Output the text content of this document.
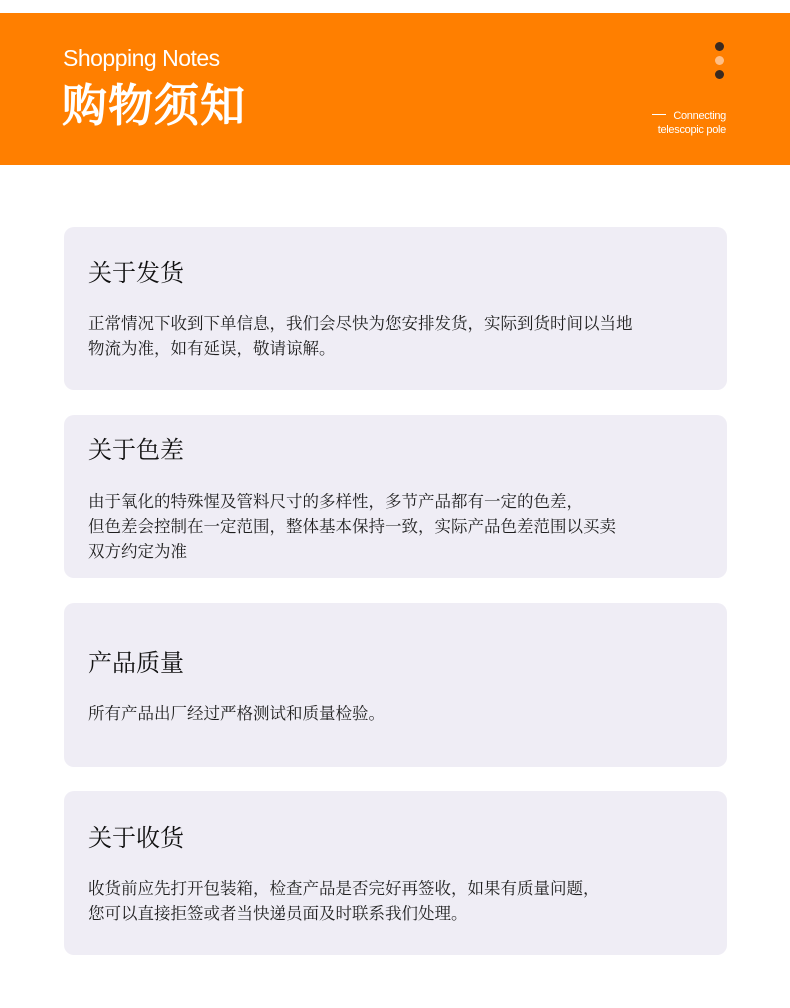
Shopping Notes
购物须知	Connecting
telescopic pole
关于发货

正常情况下收到下单信息，我们会尽快为您安排发货，实际到货时间以当地
物流为准，如有延误，敬请谅解。

关于色差

由于氧化的特殊惺及管料尺寸的多样性，多节产品都有一定的色差，
但色差会控制在一定范围，整体基本保持一致，实际产品色差范围以买卖
双方约定为准

产品质量

所有产品出厂经过严格测试和质量检验。

关于收货

收货前应先打开包装箱，检查产品是否完好再签收，如果有质量问题，
您可以直接拒签或者当快递员面及时联系我们处理。
